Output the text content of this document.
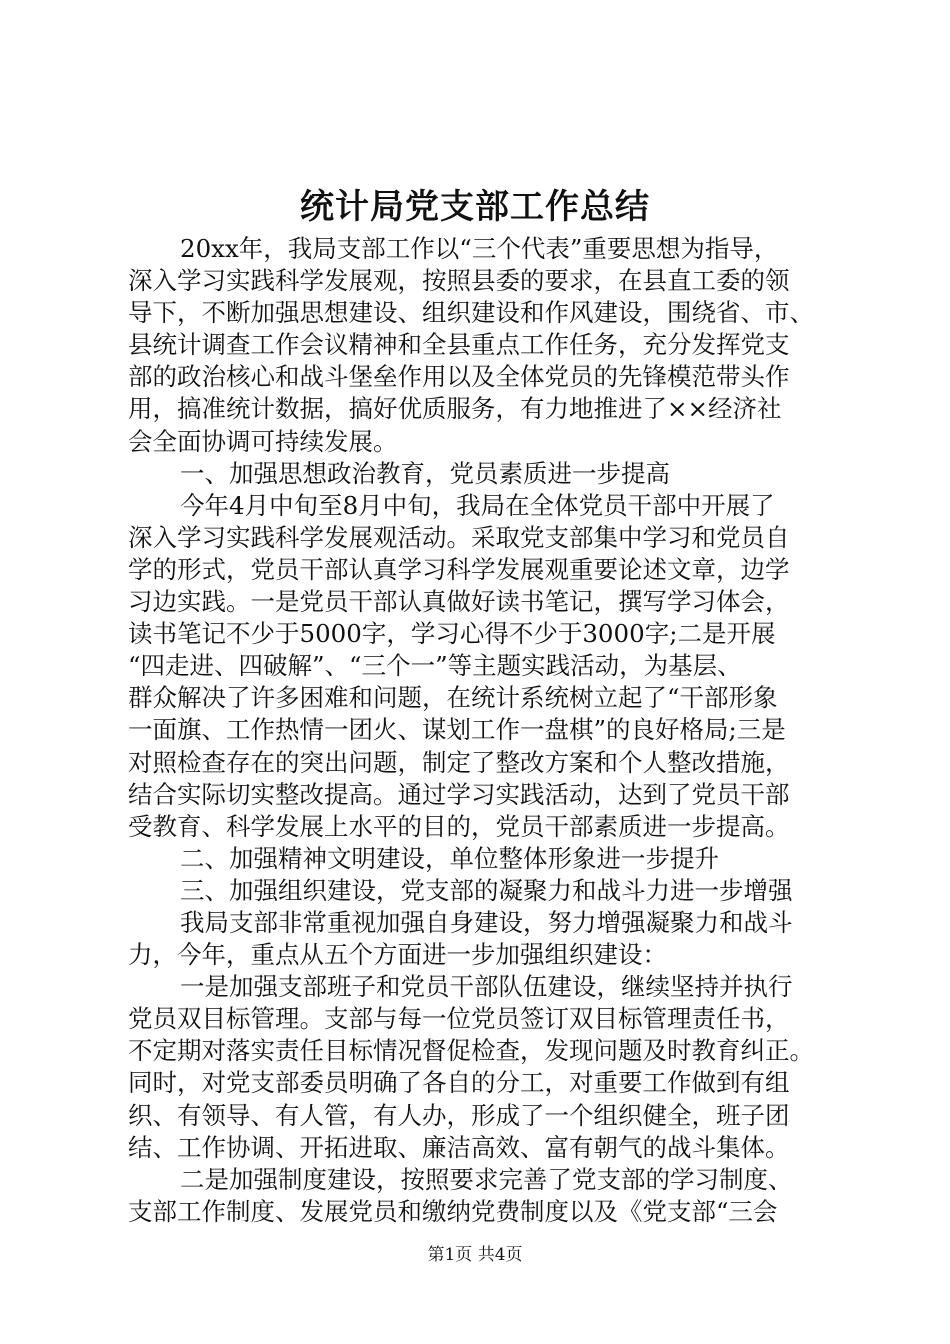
统计局党支部工作总结
20xx年，我局支部工作以“三个代表”重要思想为指导，
深入学习实践科学发展观，按照县委的要求，在县直工委的领
导下，不断加强思想建设、组织建设和作风建设，围绕省、市、
县统计调查工作会议精神和全县重点工作任务，充分发挥党支
部的政治核心和战斗堡垒作用以及全体党员的先锋模范带头作
用，搞准统计数据，搞好优质服务，有力地推进了××经济社
会全面协调可持续发展。
一、加强思想政治教育，党员素质进一步提高
今年4月中旬至8月中旬，我局在全体党员干部中开展了
深入学习实践科学发展观活动。采取党支部集中学习和党员自
学的形式，党员干部认真学习科学发展观重要论述文章，边学
习边实践。一是党员干部认真做好读书笔记，撰写学习体会，
读书笔记不少于5000字，学习心得不少于3000字;二是开展
“四走进、四破解”、“三个一”等主题实践活动，为基层、
群众解决了许多困难和问题，在统计系统树立起了“干部形象
一面旗、工作热情一团火、谋划工作一盘棋”的良好格局;三是
对照检查存在的突出问题，制定了整改方案和个人整改措施，
结合实际切实整改提高。通过学习实践活动，达到了党员干部
受教育、科学发展上水平的目的，党员干部素质进一步提高。
二、加强精神文明建设，单位整体形象进一步提升
三、加强组织建设，党支部的凝聚力和战斗力进一步增强
我局支部非常重视加强自身建设，努力增强凝聚力和战斗
力，今年，重点从五个方面进一步加强组织建设：
一是加强支部班子和党员干部队伍建设，继续坚持并执行
党员双目标管理。支部与每一位党员签订双目标管理责任书，
不定期对落实责任目标情况督促检查，发现问题及时教育纠正。
同时，对党支部委员明确了各自的分工，对重要工作做到有组
织、有领导、有人管，有人办，形成了一个组织健全，班子团
结、工作协调、开拓进取、廉洁高效、富有朝气的战斗集体。
二是加强制度建设，按照要求完善了党支部的学习制度、
支部工作制度、发展党员和缴纳党费制度以及《党支部“三会
第1页 共4页
